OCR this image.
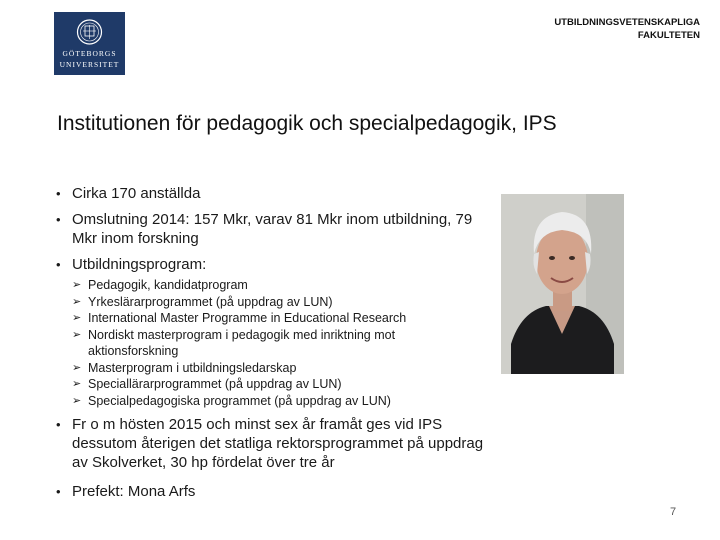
GÖTEBORGS
UNIVERSITET
UTBILDNINGSVETENSKAPLIGA
FAKULTETEN
Institutionen för pedagogik och specialpedagogik, IPS
• Cirka 170 anställda
• Omslutning 2014: 157 Mkr, varav 81 Mkr inom utbildning, 79 Mkr inom forskning
• Utbildningsprogram:
➢ Pedagogik, kandidatprogram
➢ Yrkeslärarprogrammet (på uppdrag av LUN)
➢ International Master Programme in Educational Research
➢ Nordiskt masterprogram i pedagogik med inriktning mot aktionsforskning
➢ Masterprogram i utbildningsledarskap
➢ Speciallärarprogrammet (på uppdrag av LUN)
➢ Specialpedagogiska programmet (på uppdrag av LUN)
• Fr o m hösten 2015 och minst sex år framåt ges vid IPS dessutom återigen det statliga rektorsprogrammet på uppdrag av Skolverket, 30 hp fördelat över tre år
• Prefekt: Mona Arfs
7
